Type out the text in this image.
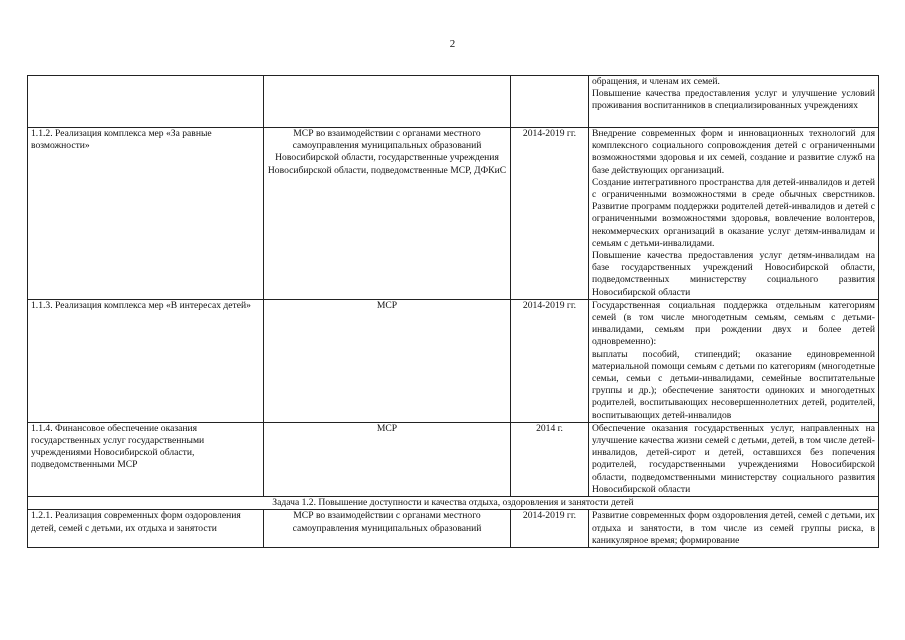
2

			обращения, и членам их семей.
Повышение качества предоставления услуг и улучшение условий проживания воспитанников в специализированных учреждениях

1.1.2. Реализация комплекса мер «За равные возможности»	МСР во взаимодействии с органами местного самоуправления муниципальных образований Новосибирской области, государственные учреждения Новосибирской области, подведомственные МСР, ДФКиС	2014-2019 гг.	Внедрение современных форм и инновационных технологий для комплексного социального сопровождения детей с ограниченными возможностями здоровья и их семей, создание и развитие служб на базе действующих организаций.
Создание интегративного пространства для детей-инвалидов и детей с ограниченными возможностями в среде обычных сверстников. Развитие программ поддержки родителей детей-инвалидов и детей с ограниченными возможностями здоровья, вовлечение волонтеров, некоммерческих организаций в оказание услуг детям-инвалидам и семьям с детьми-инвалидами.
Повышение качества предоставления услуг детям-инвалидам на базе государственных учреждений Новосибирской области, подведомственных министерству социального развития Новосибирской области

1.1.3. Реализация комплекса мер «В интересах детей»	МСР	2014-2019 гг.	Государственная социальная поддержка отдельным категориям семей (в том числе многодетным семьям, семьям с детьми-инвалидами, семьям при рождении двух и более детей одновременно):
выплаты пособий, стипендий; оказание единовременной материальной помощи семьям с детьми по категориям (многодетные семьи, семьи с детьми-инвалидами, семейные воспитательные группы и др.); обеспечение занятости одиноких и многодетных родителей, воспитывающих несовершеннолетних детей, родителей, воспитывающих детей-инвалидов

1.1.4. Финансовое обеспечение оказания государственных услуг государственными учреждениями Новосибирской области, подведомственными МСР	МСР	2014 г.	Обеспечение оказания государственных услуг, направленных на улучшение качества жизни семей с детьми, детей, в том числе детей-инвалидов, детей-сирот и детей, оставшихся без попечения родителей, государственными учреждениями Новосибирской области, подведомственными министерству социального развития Новосибирской области

Задача 1.2. Повышение доступности и качества отдыха, оздоровления и занятости детей			
1.2.1. Реализация современных форм оздоровления детей, семей с детьми, их отдыха и занятости	МСР во взаимодействии с органами местного самоуправления муниципальных образований	2014-2019 гг.	Развитие современных форм оздоровления детей, семей с детьми, их отдыха и занятости, в том числе из семей группы риска, в каникулярное время; формирование
